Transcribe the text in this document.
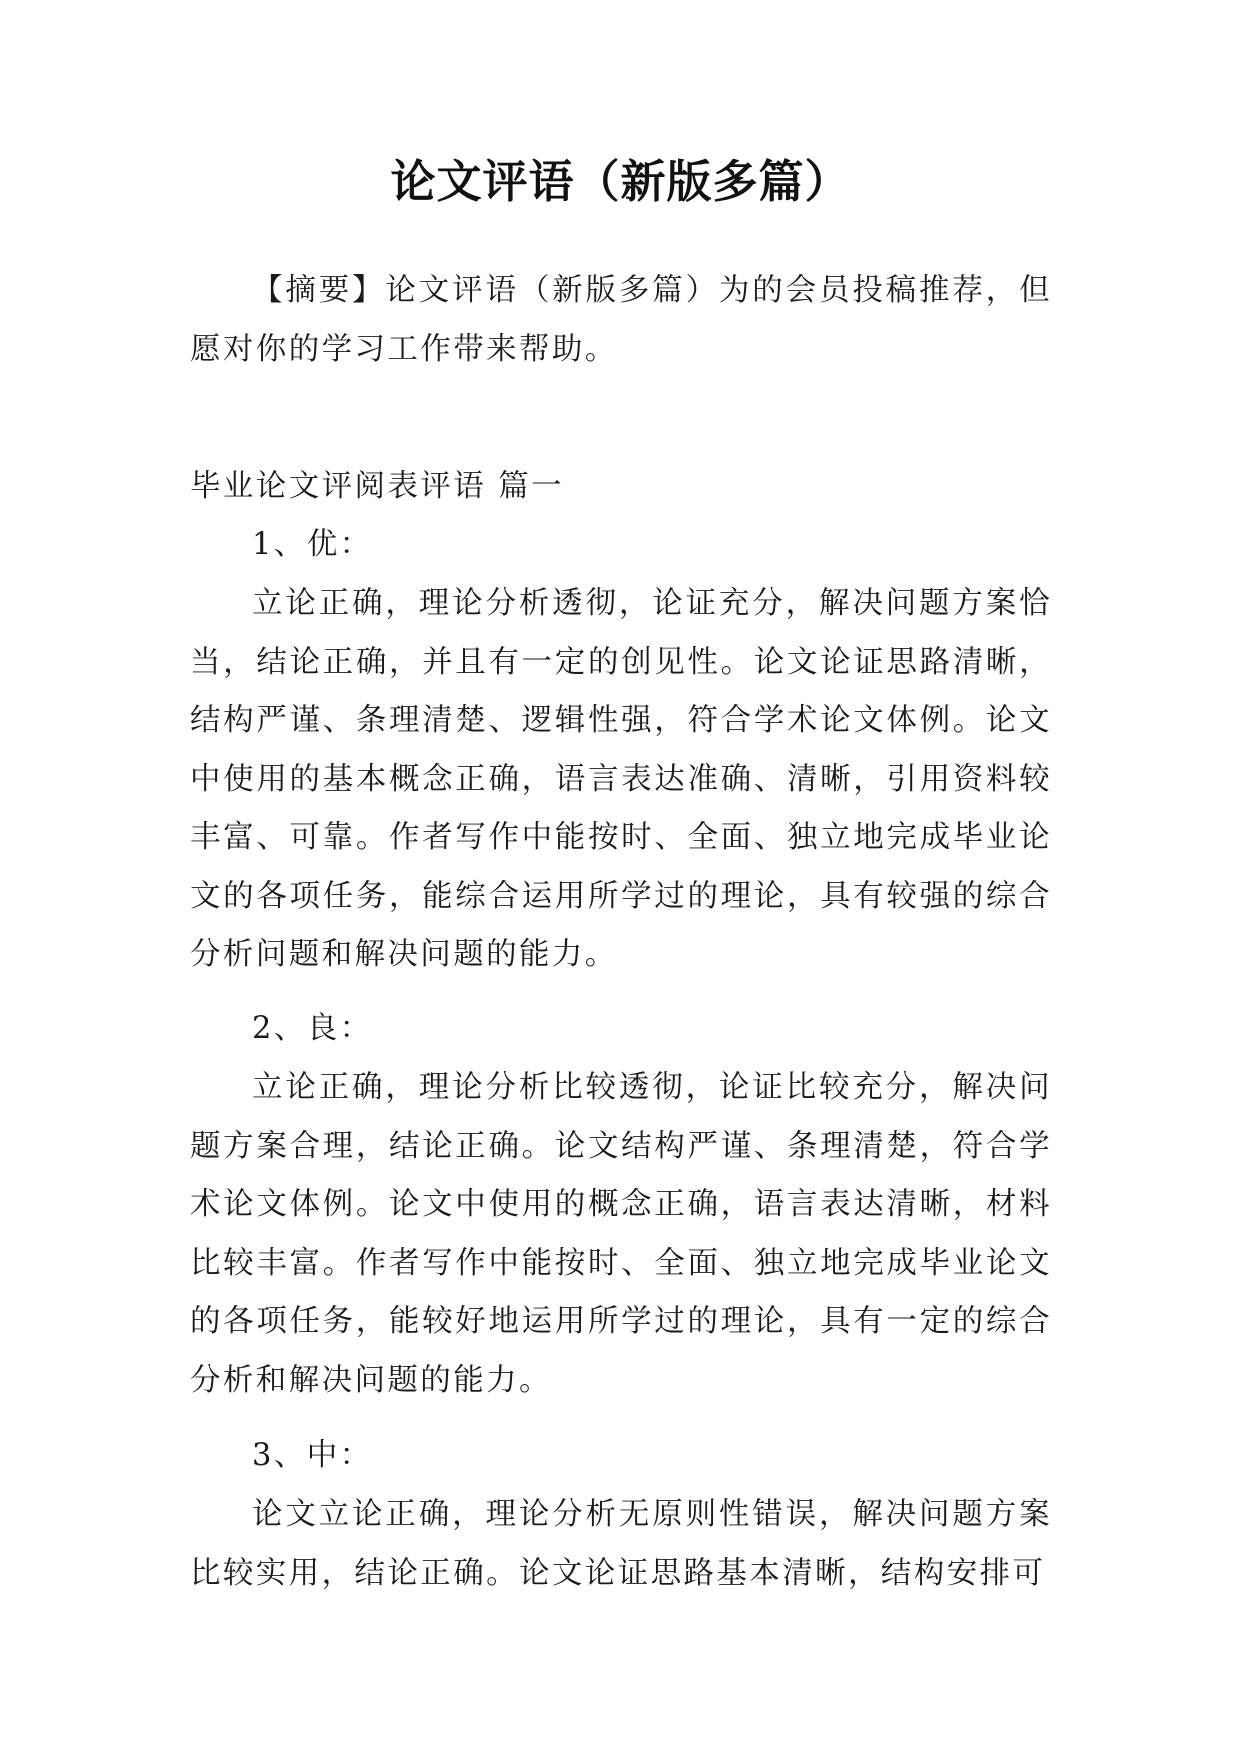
论文评语（新版多篇）

【摘要】论文评语（新版多篇）为的会员投稿推荐，但愿对你的学习工作带来帮助。

毕业论文评阅表评语 篇一

1、优：

立论正确，理论分析透彻，论证充分，解决问题方案恰当，结论正确，并且有一定的创见性。论文论证思路清晰，结构严谨、条理清楚、逻辑性强，符合学术论文体例。论文中使用的基本概念正确，语言表达准确、清晰，引用资料较丰富、可靠。作者写作中能按时、全面、独立地完成毕业论文的各项任务，能综合运用所学过的理论，具有较强的综合分析问题和解决问题的能力。

2、良：

立论正确，理论分析比较透彻，论证比较充分，解决问题方案合理，结论正确。论文结构严谨、条理清楚，符合学术论文体例。论文中使用的概念正确，语言表达清晰，材料比较丰富。作者写作中能按时、全面、独立地完成毕业论文的各项任务，能较好地运用所学过的理论，具有一定的综合分析和解决问题的能力。

3、中：

论文立论正确，理论分析无原则性错误，解决问题方案比较实用，结论正确。论文论证思路基本清晰，结构安排可
